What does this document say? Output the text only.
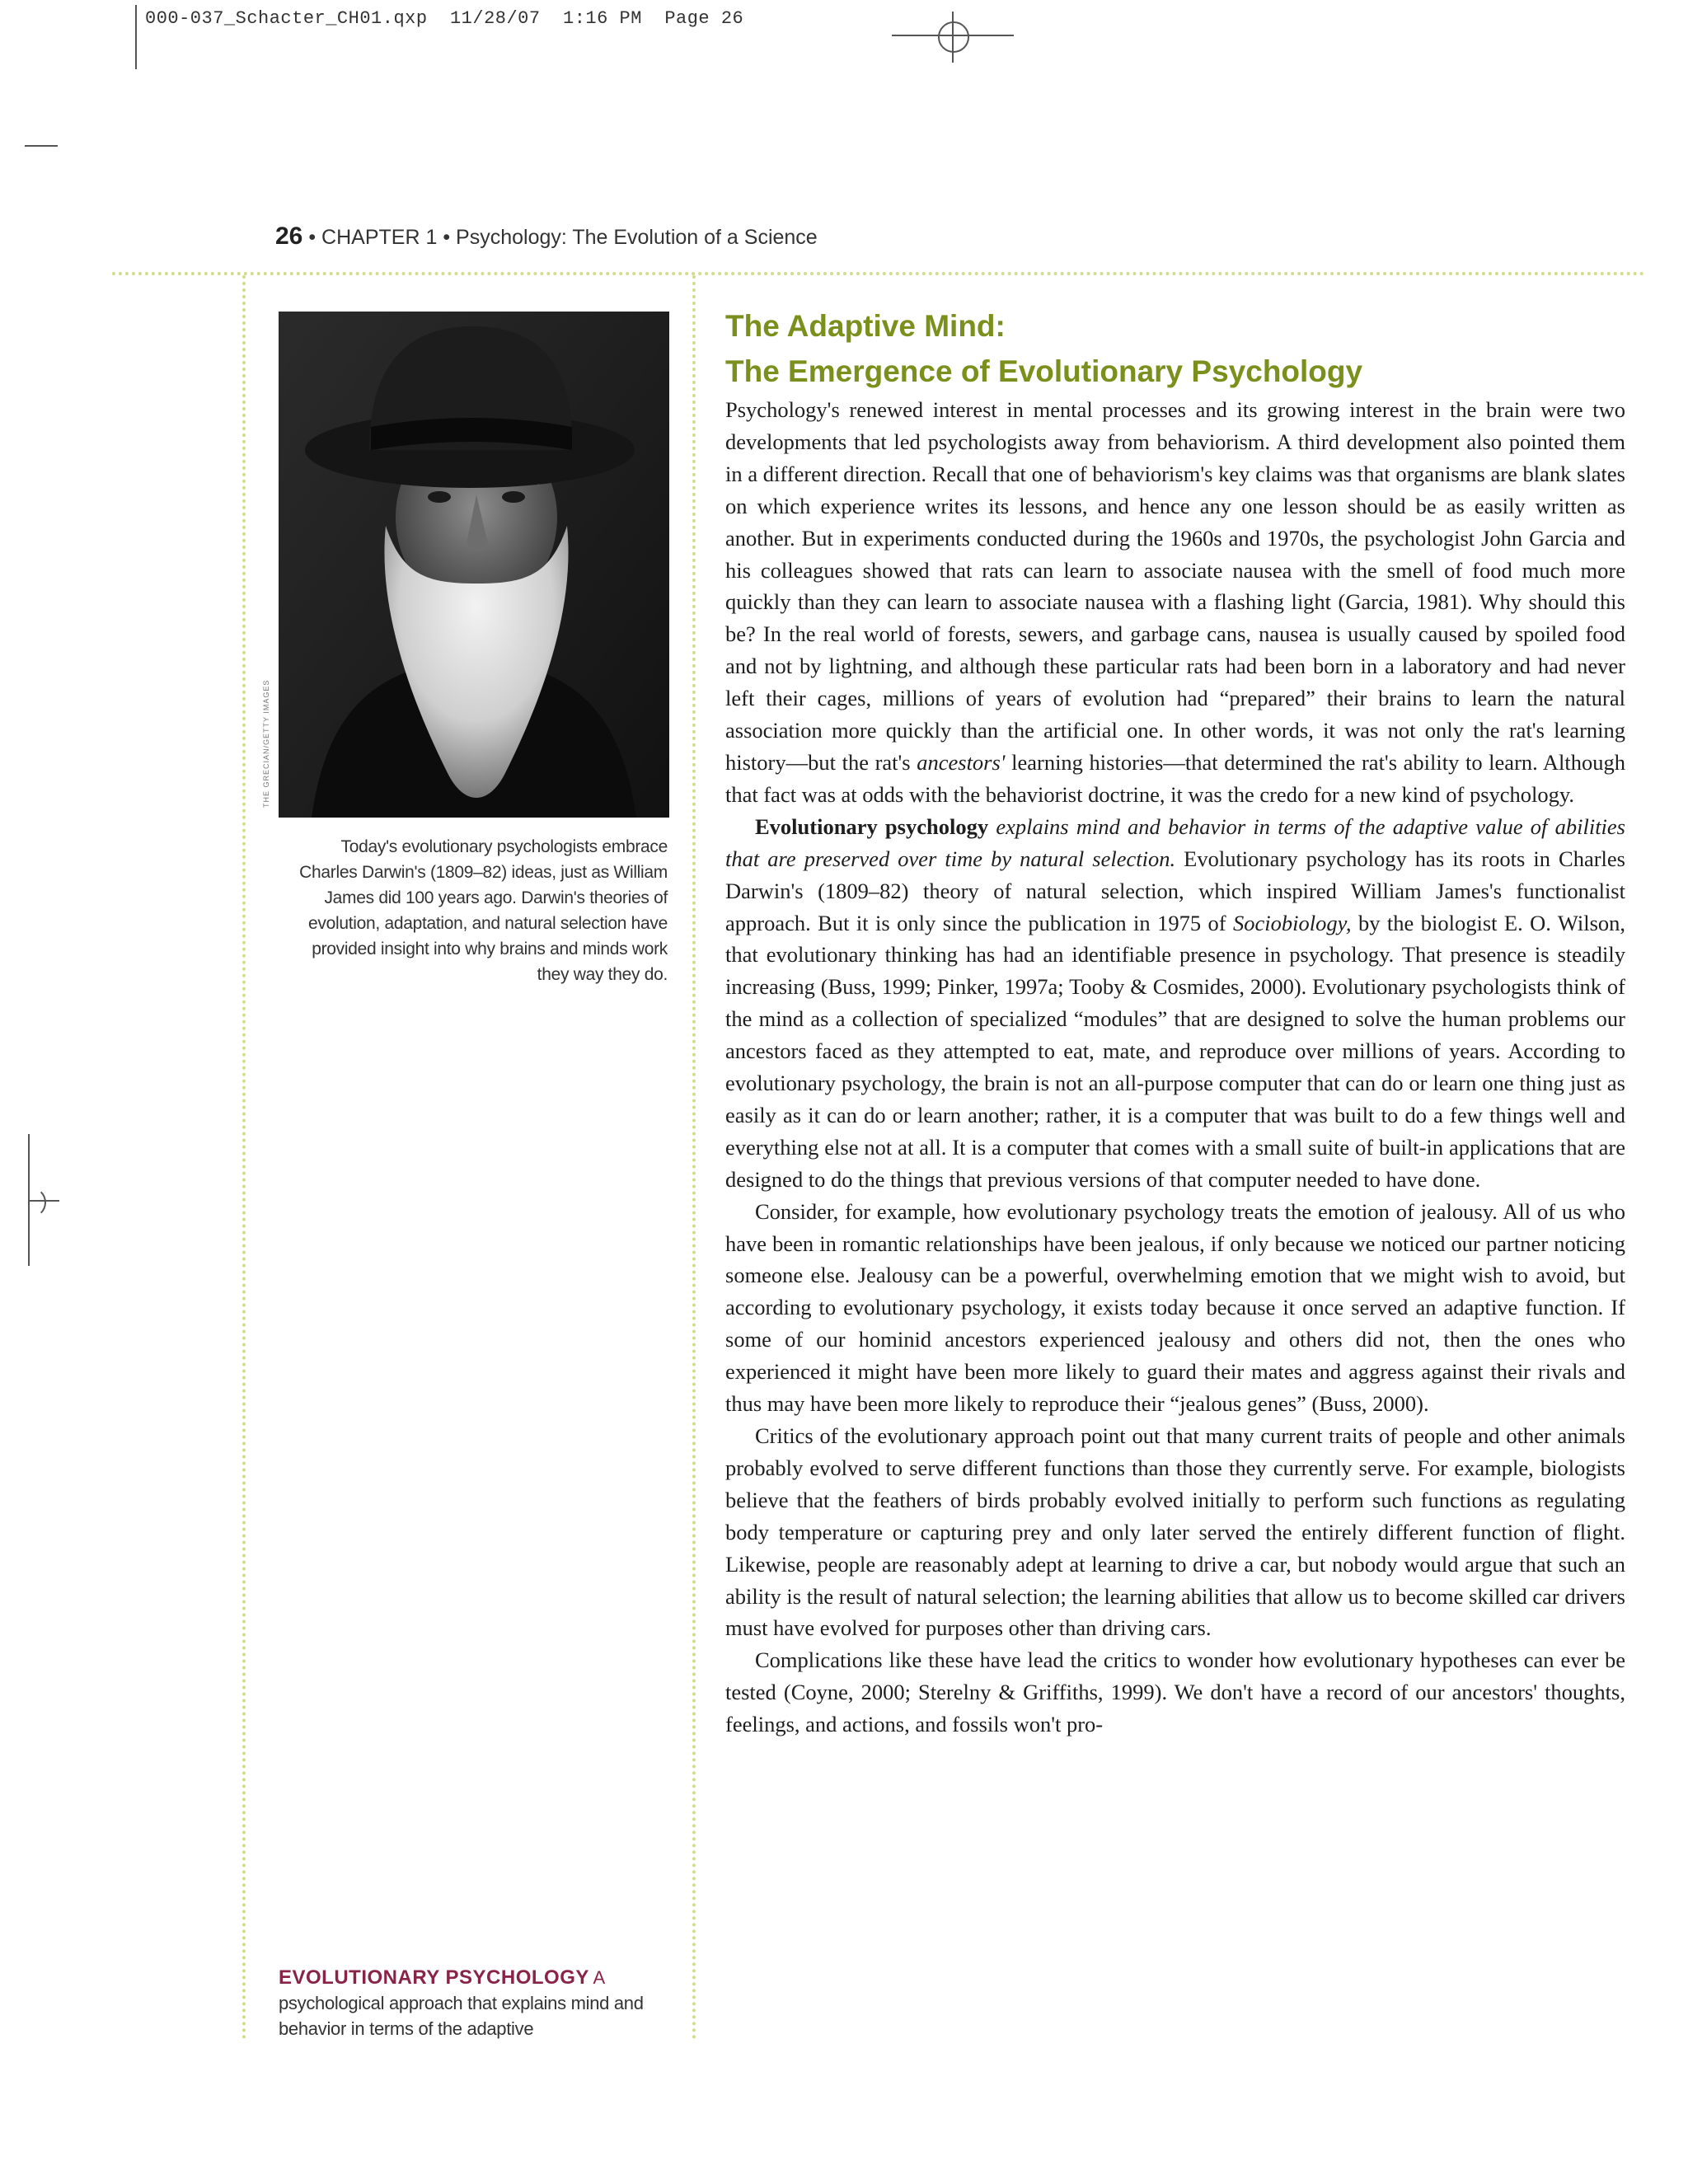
000-037_Schacter_CH01.qxp 11/28/07 1:16 PM Page 26
26 • CHAPTER 1 • Psychology: The Evolution of a Science
THE GRECIAN/GETTY IMAGES
Today's evolutionary psychologists embrace Charles Darwin's (1809–82) ideas, just as William James did 100 years ago. Darwin's theories of evolution, adaptation, and natural selection have provided insight into why brains and minds work they way they do.
EVOLUTIONARY PSYCHOLOGY A psychological approach that explains mind and behavior in terms of the adaptive
The Adaptive Mind:
The Emergence of Evolutionary Psychology

Psychology's renewed interest in mental processes and its growing interest in the brain were two developments that led psychologists away from behaviorism. A third development also pointed them in a different direction. Recall that one of behaviorism's key claims was that organisms are blank slates on which experience writes its lessons, and hence any one lesson should be as easily written as another. But in experiments conducted during the 1960s and 1970s, the psychologist John Garcia and his colleagues showed that rats can learn to associate nausea with the smell of food much more quickly than they can learn to associate nausea with a flashing light (Garcia, 1981). Why should this be? In the real world of forests, sewers, and garbage cans, nausea is usually caused by spoiled food and not by lightning, and although these particular rats had been born in a laboratory and had never left their cages, millions of years of evolution had “prepared” their brains to learn the natural association more quickly than the artificial one. In other words, it was not only the rat's learning history—but the rat's ancestors' learning histories—that determined the rat's ability to learn. Although that fact was at odds with the behaviorist doctrine, it was the credo for a new kind of psychology.

Evolutionary psychology explains mind and behavior in terms of the adaptive value of abilities that are preserved over time by natural selection. Evolutionary psychology has its roots in Charles Darwin's (1809–82) theory of natural selection, which inspired William James's functionalist approach. But it is only since the publication in 1975 of Sociobiology, by the biologist E. O. Wilson, that evolutionary thinking has had an identifiable presence in psychology. That presence is steadily increasing (Buss, 1999; Pinker, 1997a; Tooby & Cosmides, 2000). Evolutionary psychologists think of the mind as a collection of specialized “modules” that are designed to solve the human problems our ancestors faced as they attempted to eat, mate, and reproduce over millions of years. According to evolutionary psychology, the brain is not an all-purpose computer that can do or learn one thing just as easily as it can do or learn another; rather, it is a computer that was built to do a few things well and everything else not at all. It is a computer that comes with a small suite of built-in applications that are designed to do the things that previous versions of that computer needed to have done.

Consider, for example, how evolutionary psychology treats the emotion of jealousy. All of us who have been in romantic relationships have been jealous, if only because we noticed our partner noticing someone else. Jealousy can be a powerful, overwhelming emotion that we might wish to avoid, but according to evolutionary psychology, it exists today because it once served an adaptive function. If some of our hominid ancestors experienced jealousy and others did not, then the ones who experienced it might have been more likely to guard their mates and aggress against their rivals and thus may have been more likely to reproduce their “jealous genes” (Buss, 2000).

Critics of the evolutionary approach point out that many current traits of people and other animals probably evolved to serve different functions than those they currently serve. For example, biologists believe that the feathers of birds probably evolved initially to perform such functions as regulating body temperature or capturing prey and only later served the entirely different function of flight. Likewise, people are reasonably adept at learning to drive a car, but nobody would argue that such an ability is the result of natural selection; the learning abilities that allow us to become skilled car drivers must have evolved for purposes other than driving cars.

Complications like these have lead the critics to wonder how evolutionary hypotheses can ever be tested (Coyne, 2000; Sterelny & Griffiths, 1999). We don't have a record of our ancestors' thoughts, feelings, and actions, and fossils won't pro-
